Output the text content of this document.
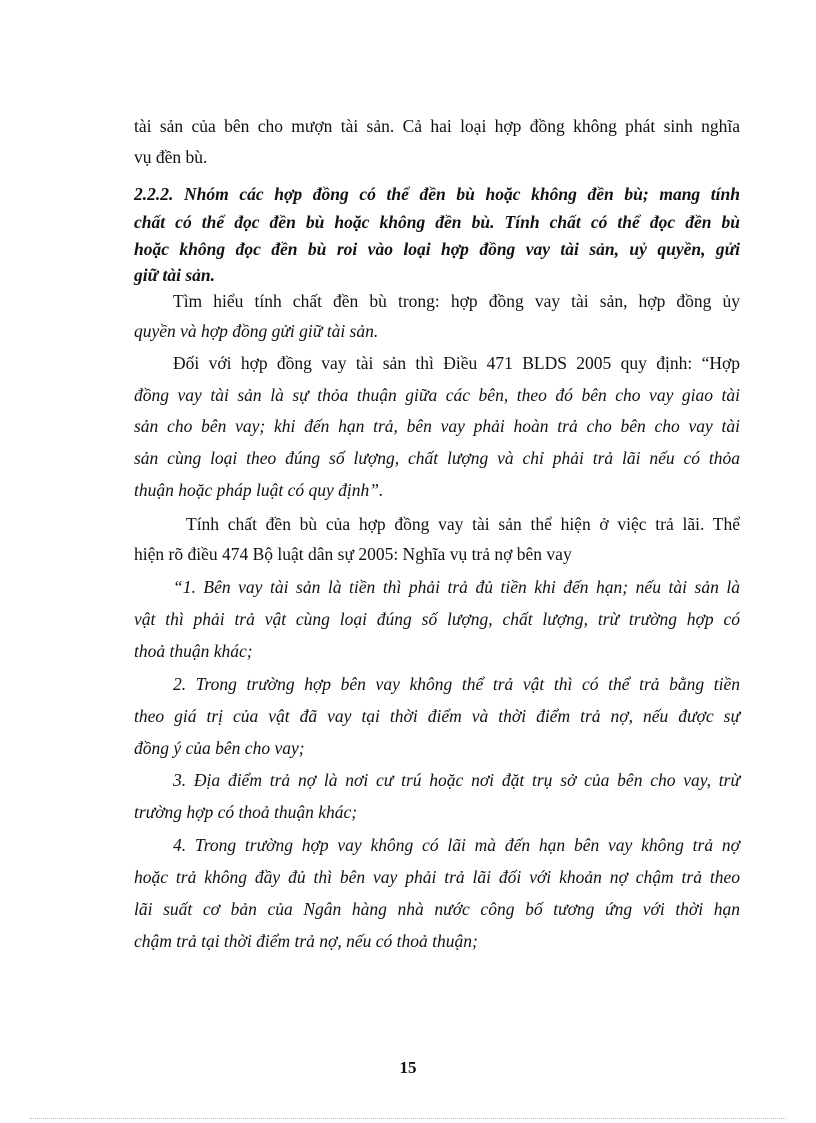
tài sản của bên cho mượn tài sản. Cả hai loại hợp đồng không phát sinh nghĩa
vụ đền bù.
2.2.2. Nhóm các hợp đồng có thể đền bù hoặc không đền bù; mang tính
chất có thể đọc đền bù hoặc không đền bù. Tính chất có thể đọc đền bù
hoặc không đọc đền bù roi vào loại hợp đồng vay tài sản, uỷ quyền, gửi
giữ tài sản.
Tìm hiểu tính chất đền bù trong: hợp đồng vay tài sản, hợp đồng ủy
quyền và hợp đồng gửi giữ tài sản.
Đối với hợp đồng vay tài sản thì Điều 471 BLDS 2005 quy định: “Hợp
đồng vay tài sản là sự thỏa thuận giữa các bên, theo đó bên cho vay giao tài
sản cho bên vay; khi đến hạn trả, bên vay phải hoàn trả cho bên cho vay tài
sản cùng loại theo đúng số lượng, chất lượng và chỉ phải trả lãi nếu có thỏa
thuận hoặc pháp luật có quy định”.
Tính chất đền bù của hợp đồng vay tài sản thể hiện ở việc trả lãi. Thể
hiện rõ điều 474 Bộ luật dân sự 2005: Nghĩa vụ trả nợ bên vay
“1. Bên vay tài sản là tiền thì phải trả đủ tiền khi đến hạn; nếu tài sản là
vật thì phải trả vật cùng loại đúng số lượng, chất lượng, trừ trường hợp có
thoả thuận khác;
2. Trong trường hợp bên vay không thể trả vật thì có thể trả bằng tiền
theo giá trị của vật đã vay tại thời điểm và thời điểm trả nợ, nếu được sự
đồng ý của bên cho vay;
3. Địa điểm trả nợ là nơi cư trú hoặc nơi đặt trụ sở của bên cho vay, trừ
trường hợp có thoả thuận khác;
4. Trong trường hợp vay không có lãi mà đến hạn bên vay không trả nợ
hoặc trả không đầy đủ thì bên vay phải trả lãi đối với khoản nợ chậm trả theo
lãi suất cơ bản của Ngân hàng nhà nước công bố tương ứng với thời hạn
chậm trả tại thời điểm trả nợ, nếu có thoả thuận;
15
